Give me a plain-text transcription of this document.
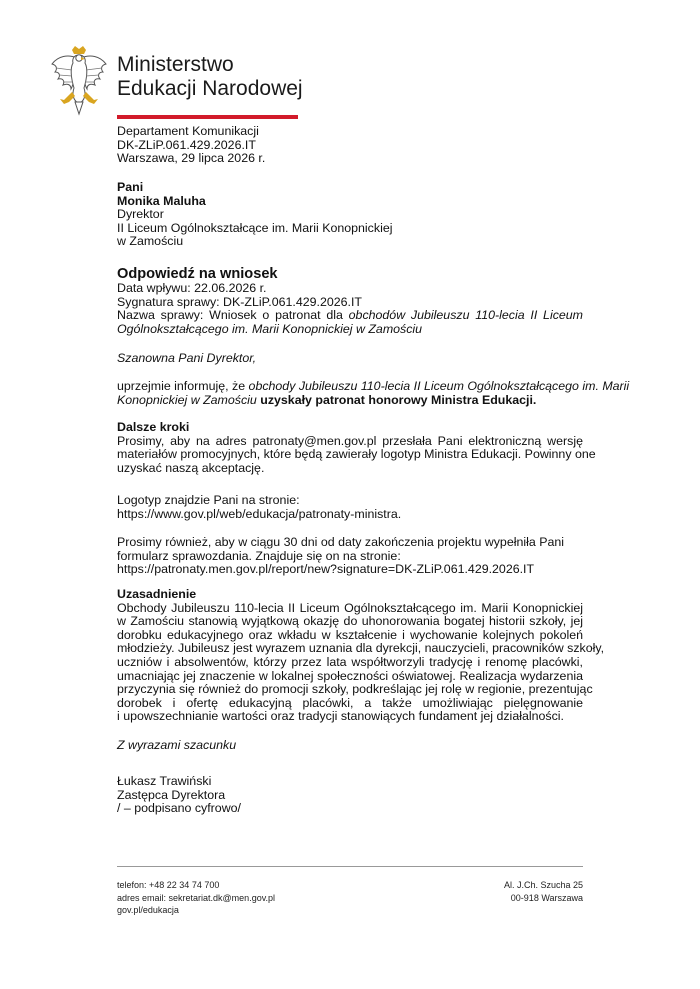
Ministerstwo
Edukacji Narodowej
Departament Komunikacji
DK-ZLiP.061.429.2026.IT
Warszawa, 29 lipca 2026 r.
Pani
Monika Maluha
Dyrektor
II Liceum Ogólnokształcące im. Marii Konopnickiej
w Zamościu
Odpowiedź na wniosek
Data wpływu: 22.06.2026 r.
Sygnatura sprawy: DK-ZLiP.061.429.2026.IT
Nazwa sprawy: Wniosek o patronat dla obchodów Jubileuszu 110-lecia II Liceum
Ogólnokształcącego im. Marii Konopnickiej w Zamościu
Szanowna Pani Dyrektor,
uprzejmie informuję, że obchody Jubileuszu 110-lecia II Liceum Ogólnokształcącego im. Marii
Konopnickiej w Zamościu uzyskały patronat honorowy Ministra Edukacji.
Dalsze kroki
Prosimy, aby na adres patronaty@men.gov.pl przesłała Pani elektroniczną wersję
materiałów promocyjnych, które będą zawierały logotyp Ministra Edukacji. Powinny one
uzyskać naszą akceptację.
Logotyp znajdzie Pani na stronie:
https://www.gov.pl/web/edukacja/patronaty-ministra.
Prosimy również, aby w ciągu 30 dni od daty zakończenia projektu wypełniła Pani
formularz sprawozdania. Znajduje się on na stronie:
https://patronaty.men.gov.pl/report/new?signature=DK-ZLiP.061.429.2026.IT
Uzasadnienie
Obchody Jubileuszu 110-lecia II Liceum Ogólnokształcącego im. Marii Konopnickiej
w Zamościu stanowią wyjątkową okazję do uhonorowania bogatej historii szkoły, jej
dorobku edukacyjnego oraz wkładu w kształcenie i wychowanie kolejnych pokoleń
młodzieży. Jubileusz jest wyrazem uznania dla dyrekcji, nauczycieli, pracowników szkoły,
uczniów i absolwentów, którzy przez lata współtworzyli tradycję i renomę placówki,
umacniając jej znaczenie w lokalnej społeczności oświatowej. Realizacja wydarzenia
przyczynia się również do promocji szkoły, podkreślając jej rolę w regionie, prezentując
dorobek i ofertę edukacyjną placówki, a także umożliwiając pielęgnowanie
i upowszechnianie wartości oraz tradycji stanowiących fundament jej działalności.
Z wyrazami szacunku
Łukasz Trawiński
Zastępca Dyrektora
/ – podpisano cyfrowo/
telefon: +48 22 34 74 700
adres email: sekretariat.dk@men.gov.pl
gov.pl/edukacja
Al. J.Ch. Szucha 25
00-918 Warszawa
